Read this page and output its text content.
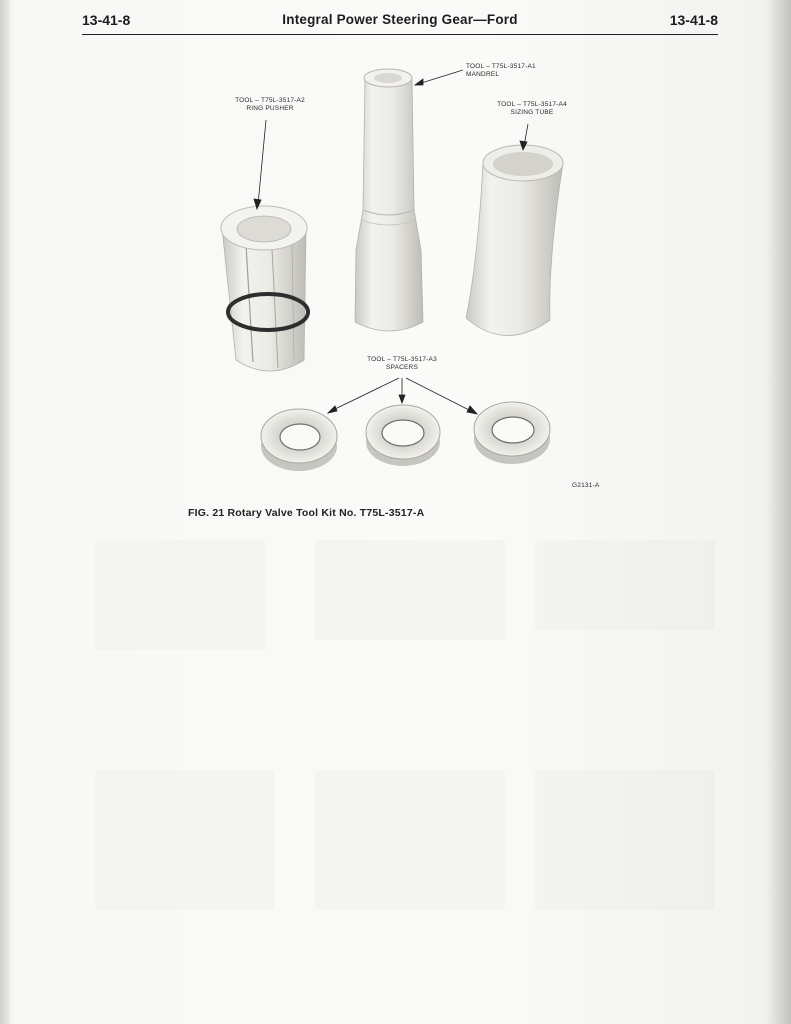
13-41-8	Integral Power Steering Gear—Ford	13-41-8
TOOL – T75L-3517-A1
MANDREL
TOOL – T75L-3517-A2
RING PUSHER
TOOL – T75L-3517-A4
SIZING TUBE
TOOL – T75L-3517-A3
SPACERS
G2131-A
FIG. 21 Rotary Valve Tool Kit No. T75L-3517-A
